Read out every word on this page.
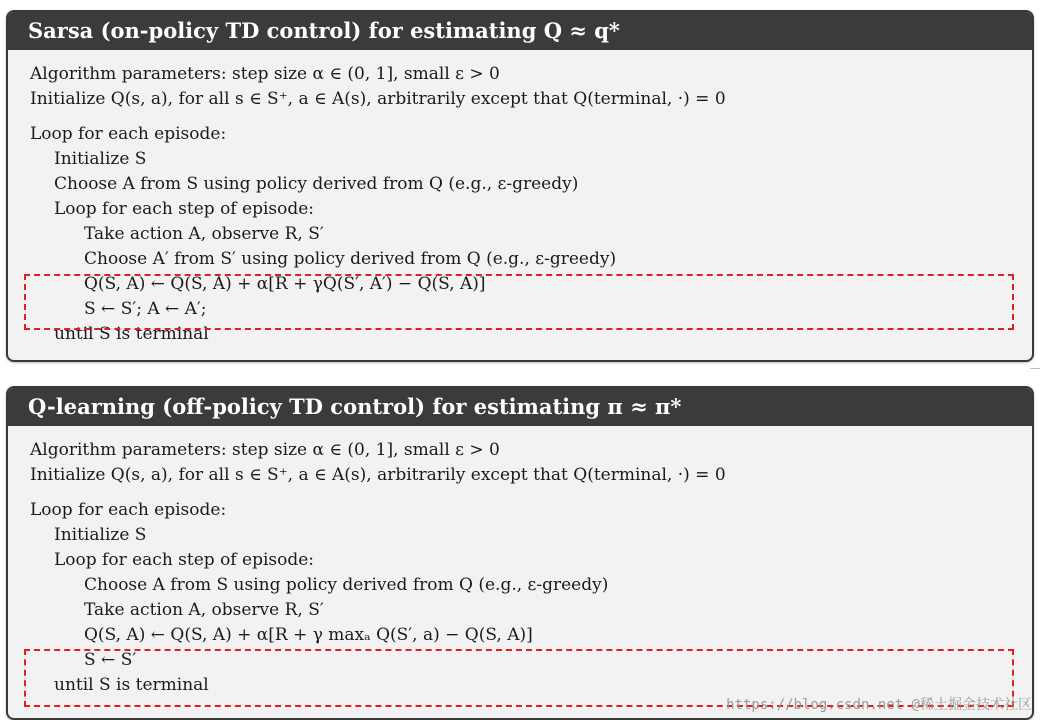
Sarsa (on-policy TD control) for estimating Q ≈ q*
Algorithm parameters: step size α ∈ (0, 1], small ε > 0
Initialize Q(s, a), for all s ∈ S⁺, a ∈ A(s), arbitrarily except that Q(terminal, ·) = 0
Loop for each episode:
Initialize S
Choose A from S using policy derived from Q (e.g., ε-greedy)
Loop for each step of episode:
Take action A, observe R, S′
Choose A′ from S′ using policy derived from Q (e.g., ε-greedy)
Q(S, A) ← Q(S, A) + α[R + γQ(S′, A′) − Q(S, A)]
S ← S′; A ← A′;
until S is terminal
Q-learning (off-policy TD control) for estimating π ≈ π*
Algorithm parameters: step size α ∈ (0, 1], small ε > 0
Initialize Q(s, a), for all s ∈ S⁺, a ∈ A(s), arbitrarily except that Q(terminal, ·) = 0
Loop for each episode:
Initialize S
Loop for each step of episode:
Choose A from S using policy derived from Q (e.g., ε-greedy)
Take action A, observe R, S′
Q(S, A) ← Q(S, A) + α[R + γ maxₐ Q(S′, a) − Q(S, A)]
S ← S′
until S is terminal
https://blog.csdn.net @稀土掘金技术社区
